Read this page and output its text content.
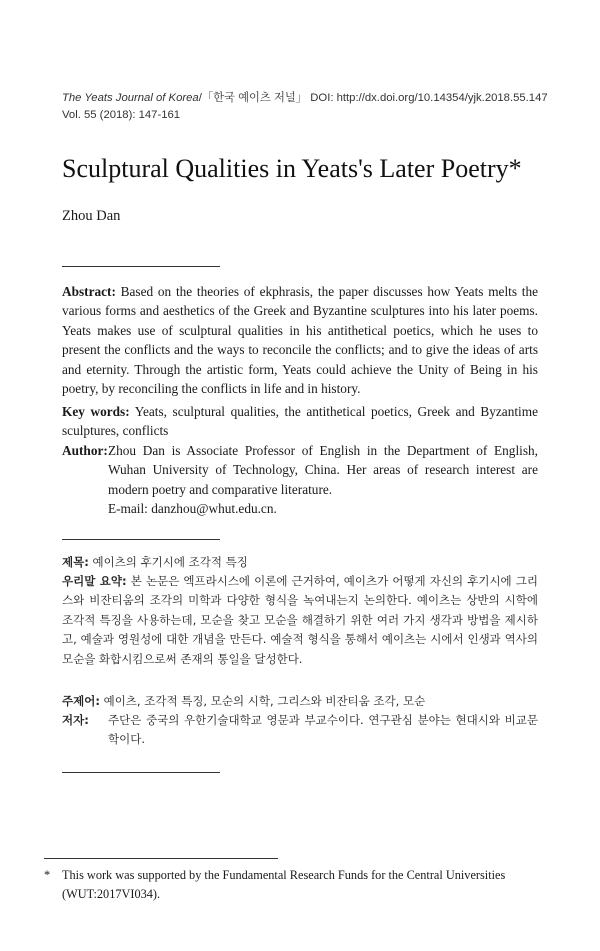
The Yeats Journal of Korea/「한국 예이츠 저널」 DOI: http://dx.doi.org/10.14354/yjk.2018.55.147
Vol. 55 (2018): 147-161
Sculptural Qualities in Yeats's Later Poetry*
Zhou Dan
Abstract: Based on the theories of ekphrasis, the paper discusses how Yeats melts the various forms and aesthetics of the Greek and Byzantine sculptures into his later poems. Yeats makes use of sculptural qualities in his antithetical poetics, which he uses to present the conflicts and the ways to reconcile the conflicts; and to give the ideas of arts and eternity. Through the artistic form, Yeats could achieve the Unity of Being in his poetry, by reconciling the conflicts in life and in history.
Key words: Yeats, sculptural qualities, the antithetical poetics, Greek and Byzantime sculptures, conflicts
Author: Zhou Dan is Associate Professor of English in the Department of English, Wuhan University of Technology, China. Her areas of research interest are modern poetry and comparative literature.
E-mail: danzhou@whut.edu.cn.
제목: 예이츠의 후기시에 조각적 특징
우리말 요약: 본 논문은 엑프라시스에 이론에 근거하여, 예이츠가 어떻게 자신의 후기시에 그리스와 비잔티움의 조각의 미학과 다양한 형식을 녹여내는지 논의한다. 예이츠는 상반의 시학에 조각적 특징을 사용하는데, 모순을 찾고 모순을 해결하기 위한 여러 가지 생각과 방법을 제시하고, 예술과 영원성에 대한 개념을 만든다. 예술적 형식을 통해서 예이츠는 시에서 인생과 역사의 모순을 화합시킴으로써 존재의 통일을 달성한다.
주제어: 예이츠, 조각적 특징, 모순의 시학, 그리스와 비잔티움 조각, 모순
저자:	주단은 중국의 우한기술대학교 영문과 부교수이다. 연구관심 분야는 현대시와 비교문학이다.
* This work was supported by the Fundamental Research Funds for the Central Universities
(WUT:2017VI034).
